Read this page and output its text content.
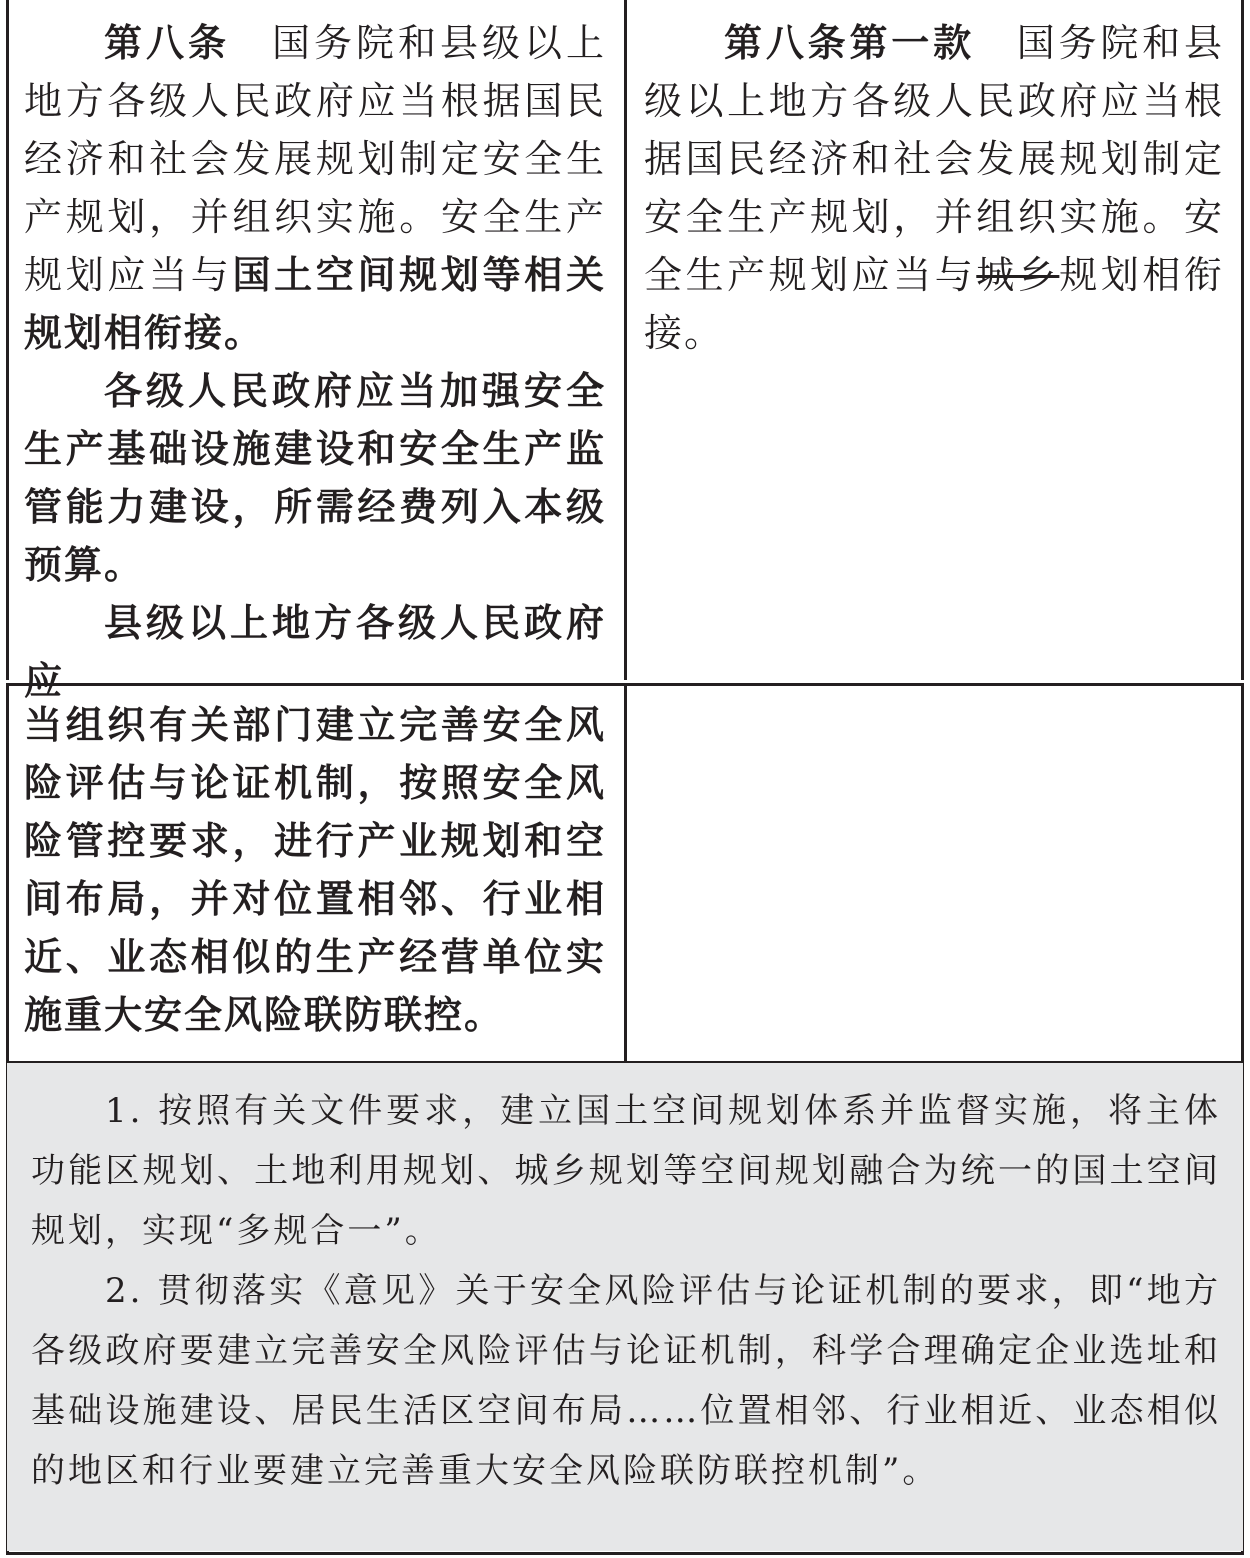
第八条　 国务院和县级以上地方各级人民政府应当根据国民经济和社会发展规划制定安全生产规划，并组织实施。安全生产规划应当与国土空间规划等相关规划相衔接。

各级人民政府应当加强安全生产基础设施建设和安全生产监管能力建设，所需经费列入本级预算。

县级以上地方各级人民政府应

第八条第一款　 国务院和县级以上地方各级人民政府应当根据国民经济和社会发展规划制定安全生产规划，并组织实施。安全生产规划应当与城乡规划相衔接。

当组织有关部门建立完善安全风险评估与论证机制，按照安全风险管控要求，进行产业规划和空间布局，并对位置相邻、行业相近、业态相似的生产经营单位实施重大安全风险联防联控。

1. 按照有关文件要求，建立国土空间规划体系并监督实施，将主体功能区规划、土地利用规划、城乡规划等空间规划融合为统一的国土空间规划，实现“多规合一”。

2. 贯彻落实《意见》关于安全风险评估与论证机制的要求，即“地方各级政府要建立完善安全风险评估与论证机制，科学合理确定企业选址和基础设施建设、居民生活区空间布局……位置相邻、行业相近、业态相似的地区和行业要建立完善重大安全风险联防联控机制”。
